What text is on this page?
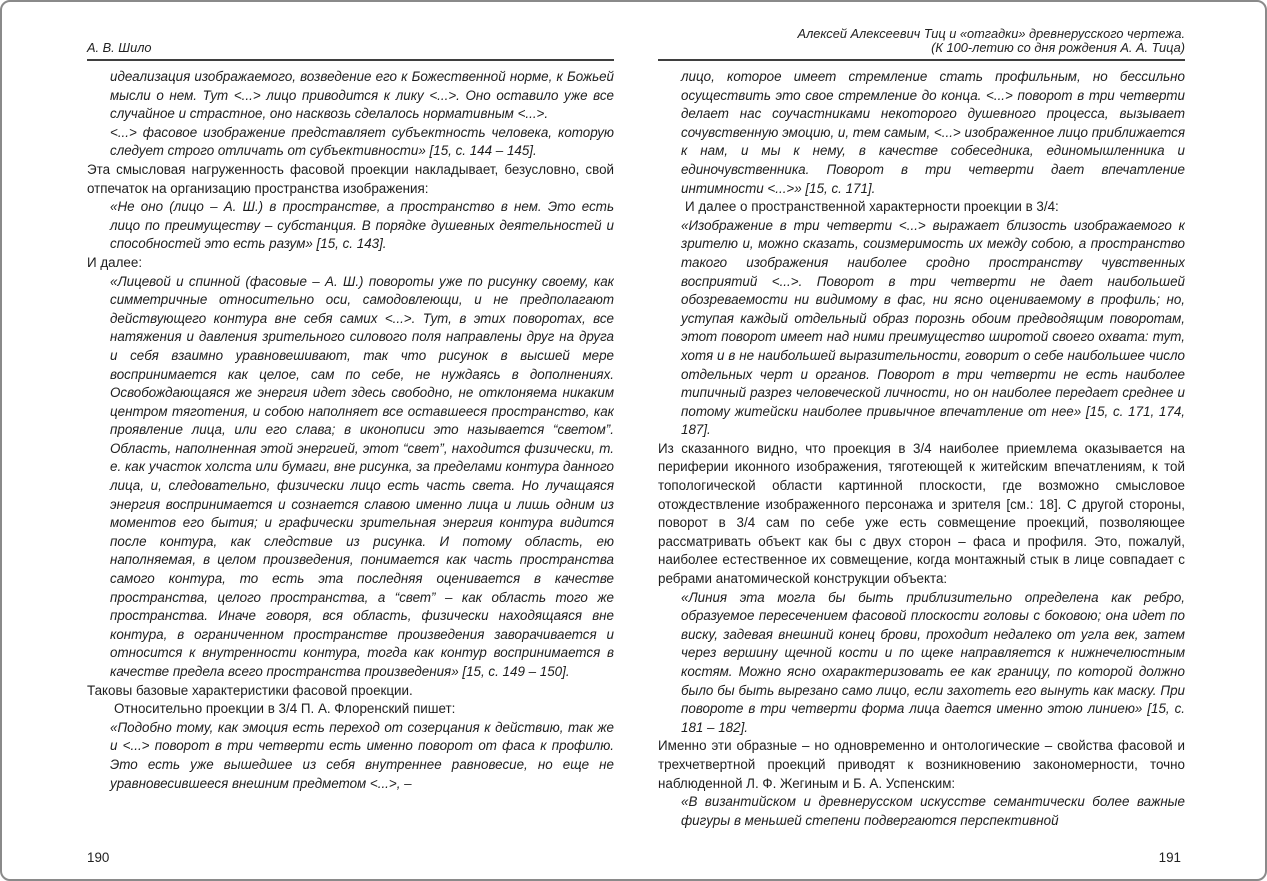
А. В. Шило

идеализация изображаемого, возведение его к Божественной норме, к Божьей мысли о нем. Тут <...> лицо приводится к лику <...>. Оно оставило уже все случайное и страстное, оно насквозь сделалось нормативным <...>.

<...> фасовое изображение представляет субъектность человека, которую следует строго отличать от субъективности» [15, с. 144 – 145].

Эта смысловая нагруженность фасовой проекции накладывает, безусловно, свой отпечаток на организацию пространства изображения:

«Не оно (лицо – А. Ш.) в пространстве, а пространство в нем. Это есть лицо по преимуществу – субстанция. В порядке душевных деятельностей и способностей это есть разум» [15, с. 143].

И далее:

«Лицевой и спинной (фасовые – А. Ш.) повороты уже по рисунку своему, как симметричные относительно оси, самодовлеющи, и не предполагают действующего контура вне себя самих <...>. Тут, в этих поворотах, все натяжения и давления зрительного силового поля направлены друг на друга и себя взаимно уравновешивают, так что рисунок в высшей мере воспринимается как целое, сам по себе, не нуждаясь в дополнениях. Освобождающаяся же энергия идет здесь свободно, не отклоняема никаким центром тяготения, и собою наполняет все оставшееся пространство, как проявление лица, или его слава; в иконописи это называется “светом”. Область, наполненная этой энергией, этот “свет”, находится физически, т. е. как участок холста или бумаги, вне рисунка, за пределами контура данного лица, и, следовательно, физически лицо есть часть света. Но лучащаяся энергия воспринимается и сознается славою именно лица и лишь одним из моментов его бытия; и графически зрительная энергия контура видится после контура, как следствие из рисунка. И потому область, ею наполняемая, в целом произведения, понимается как часть пространства самого контура, то есть эта последняя оценивается в качестве пространства, целого пространства, а “свет” – как область того же пространства. Иначе говоря, вся область, физически находящаяся вне контура, в ограниченном пространстве произведения заворачивается и относится к внутренности контура, тогда как контур воспринимается в качестве предела всего пространства произведения» [15, с. 149 – 150].

Таковы базовые характеристики фасовой проекции.

Относительно проекции в 3/4 П. А. Флоренский пишет:

«Подобно тому, как эмоция есть переход от созерцания к действию, так же и <...> поворот в три четверти есть именно поворот от фаса к профилю. Это есть уже вышедшее из себя внутреннее равновесие, но еще не уравновесившееся внешним предметом <...>, –

Алексей Алексеевич Тиц и «отгадки» древнерусского чертежа.
(К 100-летию со дня рождения А. А. Тица)

лицо, которое имеет стремление стать профильным, но бессильно осуществить это свое стремление до конца. <...> поворот в три четверти делает нас соучастниками некоторого душевного процесса, вызывает сочувственную эмоцию, и, тем самым, <...> изображенное лицо приближается к нам, и мы к нему, в качестве собеседника, единомышленника и единочувственника. Поворот в три четверти дает впечатление интимности <...>» [15, с. 171].

И далее о пространственной характерности проекции в 3/4:

«Изображение в три четверти <...> выражает близость изображаемого к зрителю и, можно сказать, соизмеримость их между собою, а пространство такого изображения наиболее сродно пространству чувственных восприятий <...>. Поворот в три четверти не дает наибольшей обозреваемости ни видимому в фас, ни ясно оцениваемому в профиль; но, уступая каждый отдельный образ порознь обоим предводящим поворотам, этот поворот имеет над ними преимущество широтой своего охвата: тут, хотя и в не наибольшей выразительности, говорит о себе наибольшее число отдельных черт и органов. Поворот в три четверти не есть наиболее типичный разрез человеческой личности, но он наиболее передает среднее и потому житейски наиболее привычное впечатление от нее» [15, с. 171, 174, 187].

Из сказанного видно, что проекция в 3/4 наиболее приемлема оказывается на периферии иконного изображения, тяготеющей к житейским впечатлениям, к той топологической области картинной плоскости, где возможно смысловое отождествление изображенного персонажа и зрителя [см.: 18]. С другой стороны, поворот в 3/4 сам по себе уже есть совмещение проекций, позволяющее рассматривать объект как бы с двух сторон – фаса и профиля. Это, пожалуй, наиболее естественное их совмещение, когда монтажный стык в лице совпадает с ребрами анатомической конструкции объекта:

«Линия эта могла бы быть приблизительно определена как ребро, образуемое пересечением фасовой плоскости головы с боковою; она идет по виску, задевая внешний конец брови, проходит недалеко от угла век, затем через вершину щечной кости и по щеке направляется к нижнечелюстным костям. Можно ясно охарактеризовать ее как границу, по которой должно было бы быть вырезано само лицо, если захотеть его вынуть как маску. При повороте в три четверти форма лица дается именно этою линиею» [15, с. 181 – 182].

Именно эти образные – но одновременно и онтологические – свойства фасовой и трехчетвертной проекций приводят к возникновению закономерности, точно наблюденной Л. Ф. Жегиным и Б. А. Успенским:

«В византийском и древнерусском искусстве семантически более важные фигуры в меньшей степени подвергаются перспективной

190	191
